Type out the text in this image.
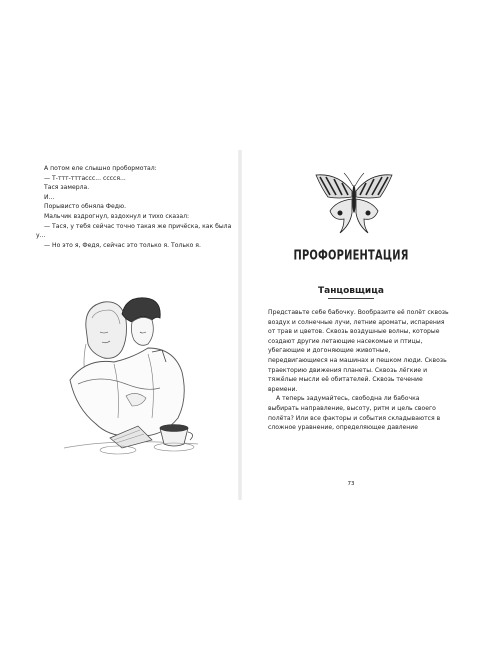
А потом еле слышно пробормотал:

— Т-ттт-тттассс... сссся...

Тася замерла.

И...

Порывисто обняла Федю.

Мальчик вздрогнул, вздохнул и тихо сказал:

— Тася, у тебя сейчас точно такая же причёска, как была у...

— Но это я, Федя, сейчас это только я. Только я.

ПРОФОРИЕНТАЦИЯ
Танцовщица

Представьте себе бабочку. Вообразите её полёт сквозь воздух и солнечные лучи, летние ароматы, испарения от трав и цветов. Сквозь воздушные волны, которые создают другие летающие насекомые и птицы, убегающие и догоняющие животные, передвигающиеся на машинах и пешком люди. Сквозь траекторию движения планеты. Сквозь лёгкие и тяжёлые мысли её обитателей. Сквозь течение времени.

А теперь задумайтесь, свободна ли бабочка выбирать направление, высоту, ритм и цель своего полёта? Или все факторы и события складываются в сложное уравнение, определяющее давление

73
